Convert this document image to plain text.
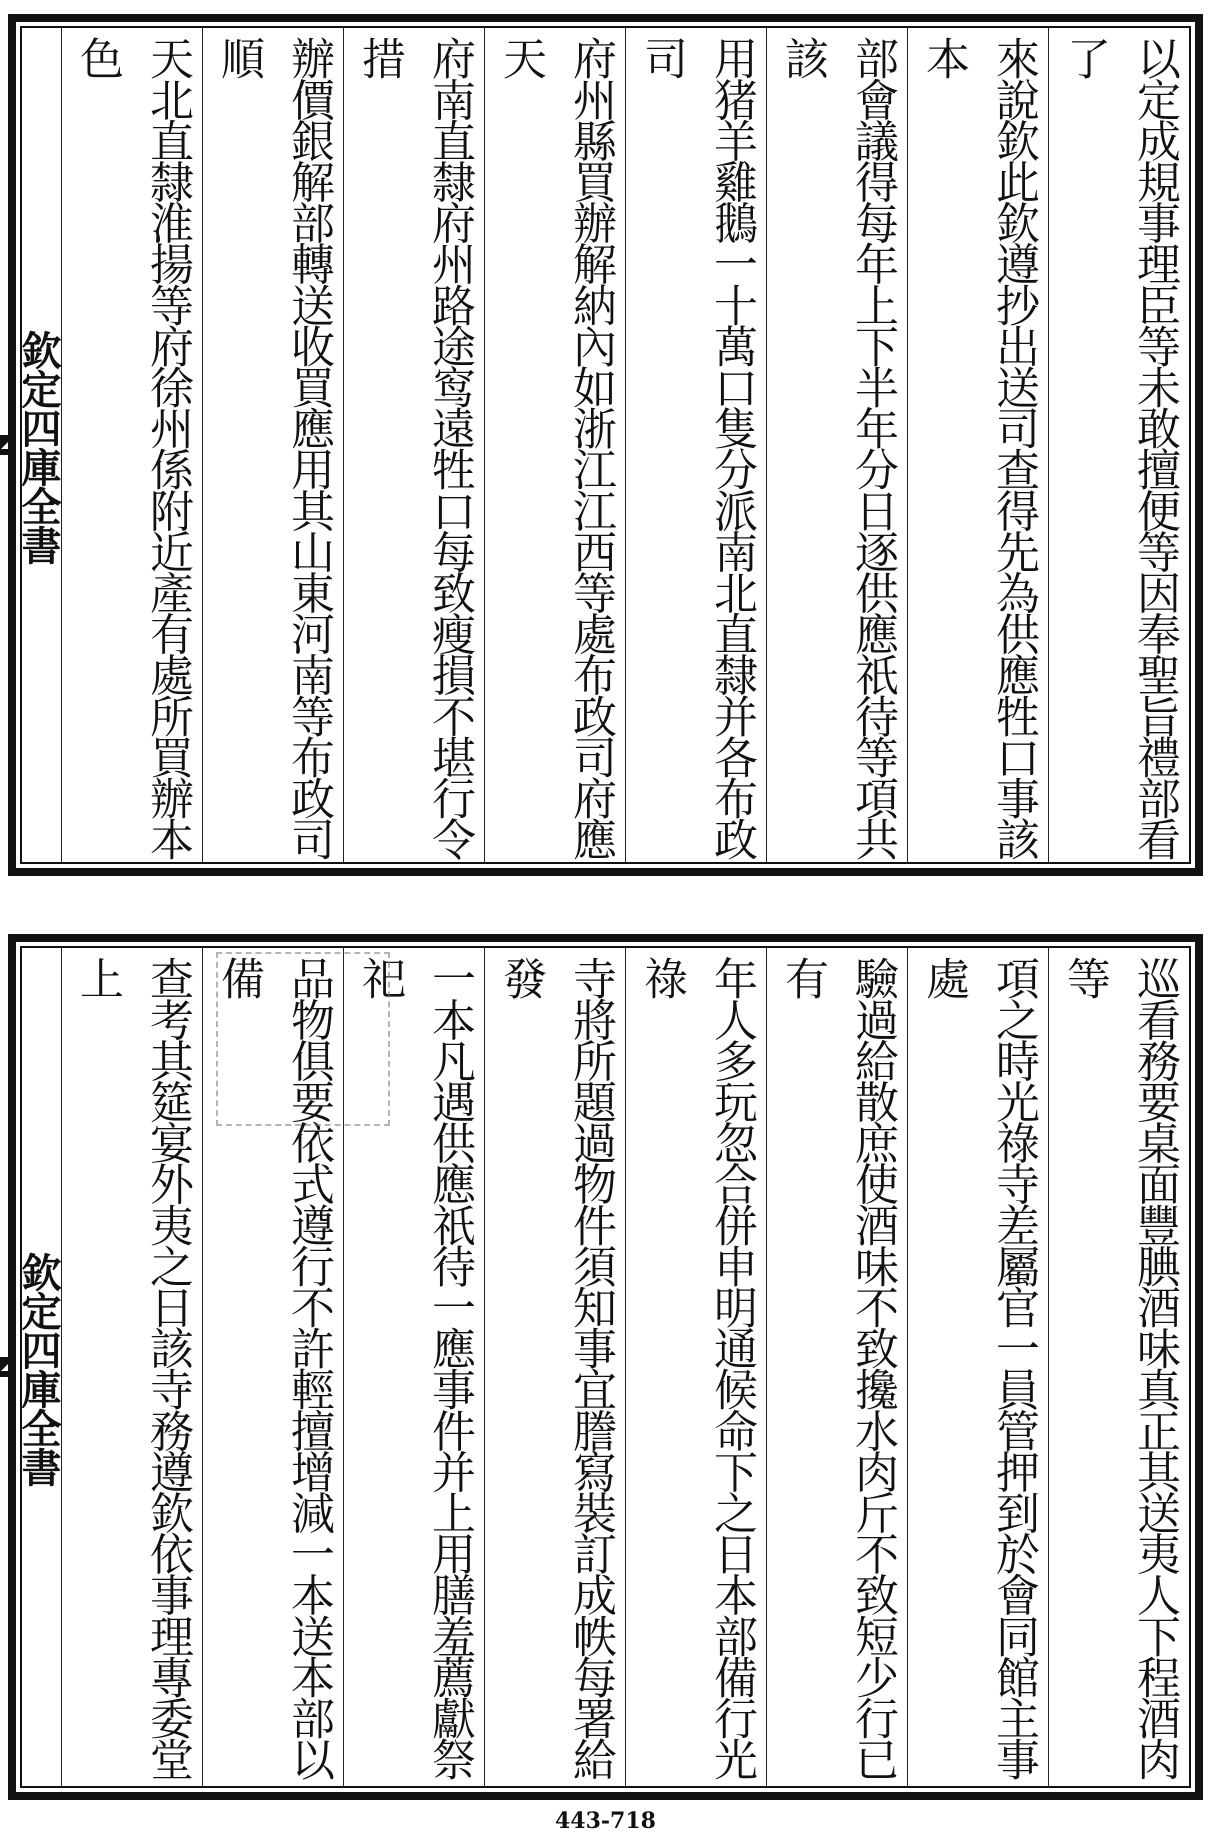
以定成規事理臣等未敢擅便等因奉聖旨禮部看了
來說欽此欽遵抄出送司查得先為供應牲口事該本
部會議得每年上下半年分日逐供應祇待等項共該
用猪羊雞鵝一十萬口隻分派南北直隸并各布政司
府州縣買辦解納內如浙江江西等處布政司府應天
府南直隸府州路途窎遠牲口每致瘦損不堪行令措
辦價銀解部轉送收買應用其山東河南等布政司順
天北直隸淮揚等府徐州係附近產有處所買辦本色
欽定四庫全書
巡看務要桌面豐腆酒味真正其送夷人下程酒肉等
項之時光祿寺差屬官一員管押到於會同館主事處
驗過給散庶使酒味不致攙水肉斤不致短少行已有
年人多玩忽合併申明通候命下之日本部備行光祿
寺將所題過物件須知事宜謄寫裝訂成帙每署給發
一本凡遇供應祇待一應事件并上用膳羞薦獻祭祀
品物俱要依式遵行不許輕擅增減一本送本部以備
查考其筵宴外夷之日該寺務遵欽依事理專委堂上
欽定四庫全書
443-718
